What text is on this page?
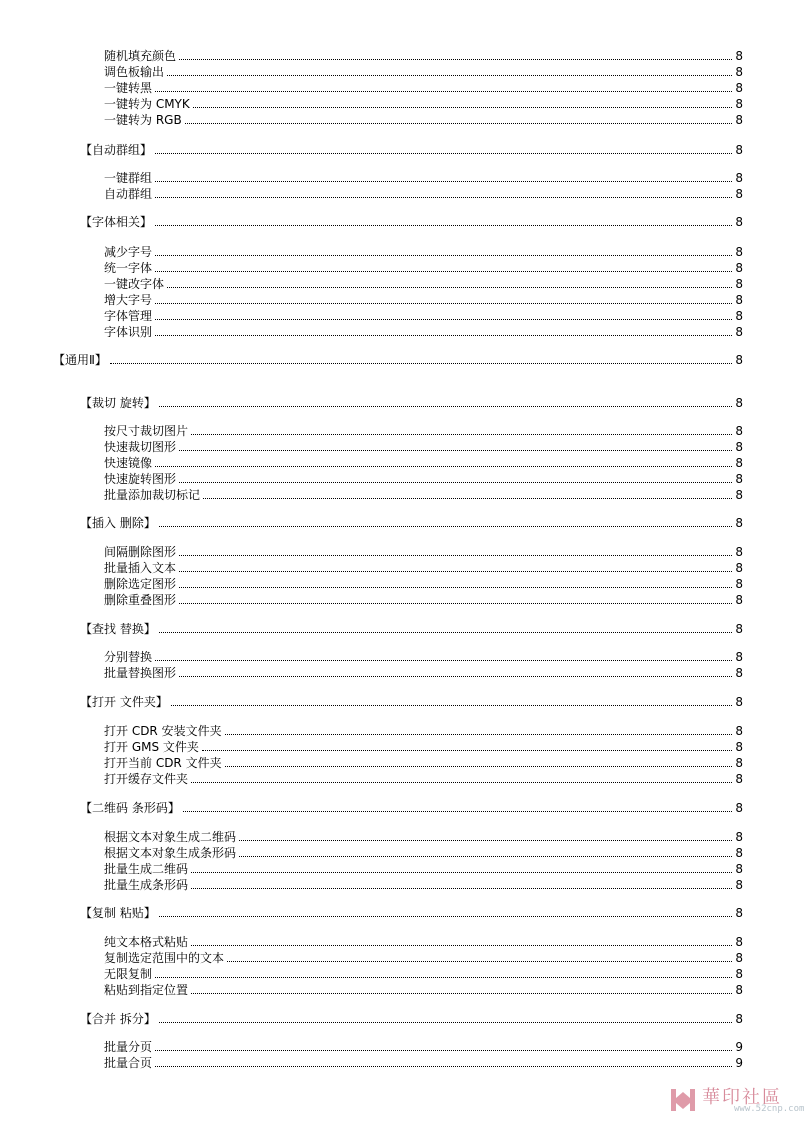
随机填充颜色	8
调色板输出	8
一键转黑	8
一键转为 CMYK	8
一键转为 RGB	8
【自动群组】	8
一键群组	8
自动群组	8
【字体相关】	8
减少字号	8
统一字体	8
一键改字体	8
增大字号	8
字体管理	8
字体识别	8
【通用Ⅱ】	8
【裁切 旋转】	8
按尺寸裁切图片	8
快速裁切图形	8
快速镜像	8
快速旋转图形	8
批量添加裁切标记	8
【插入 删除】	8
间隔删除图形	8
批量插入文本	8
删除选定图形	8
删除重叠图形	8
【查找 替换】	8
分别替换	8
批量替换图形	8
【打开 文件夹】	8
打开 CDR 安装文件夹	8
打开 GMS 文件夹	8
打开当前 CDR 文件夹	8
打开缓存文件夹	8
【二维码 条形码】	8
根据文本对象生成二维码	8
根据文本对象生成条形码	8
批量生成二维码	8
批量生成条形码	8
【复制 粘贴】	8
纯文本格式粘贴	8
复制选定范围中的文本	8
无限复制	8
粘贴到指定位置	8
【合并 拆分】	8
批量分页	9
批量合页	9
華印社區
www.52cnp.com
